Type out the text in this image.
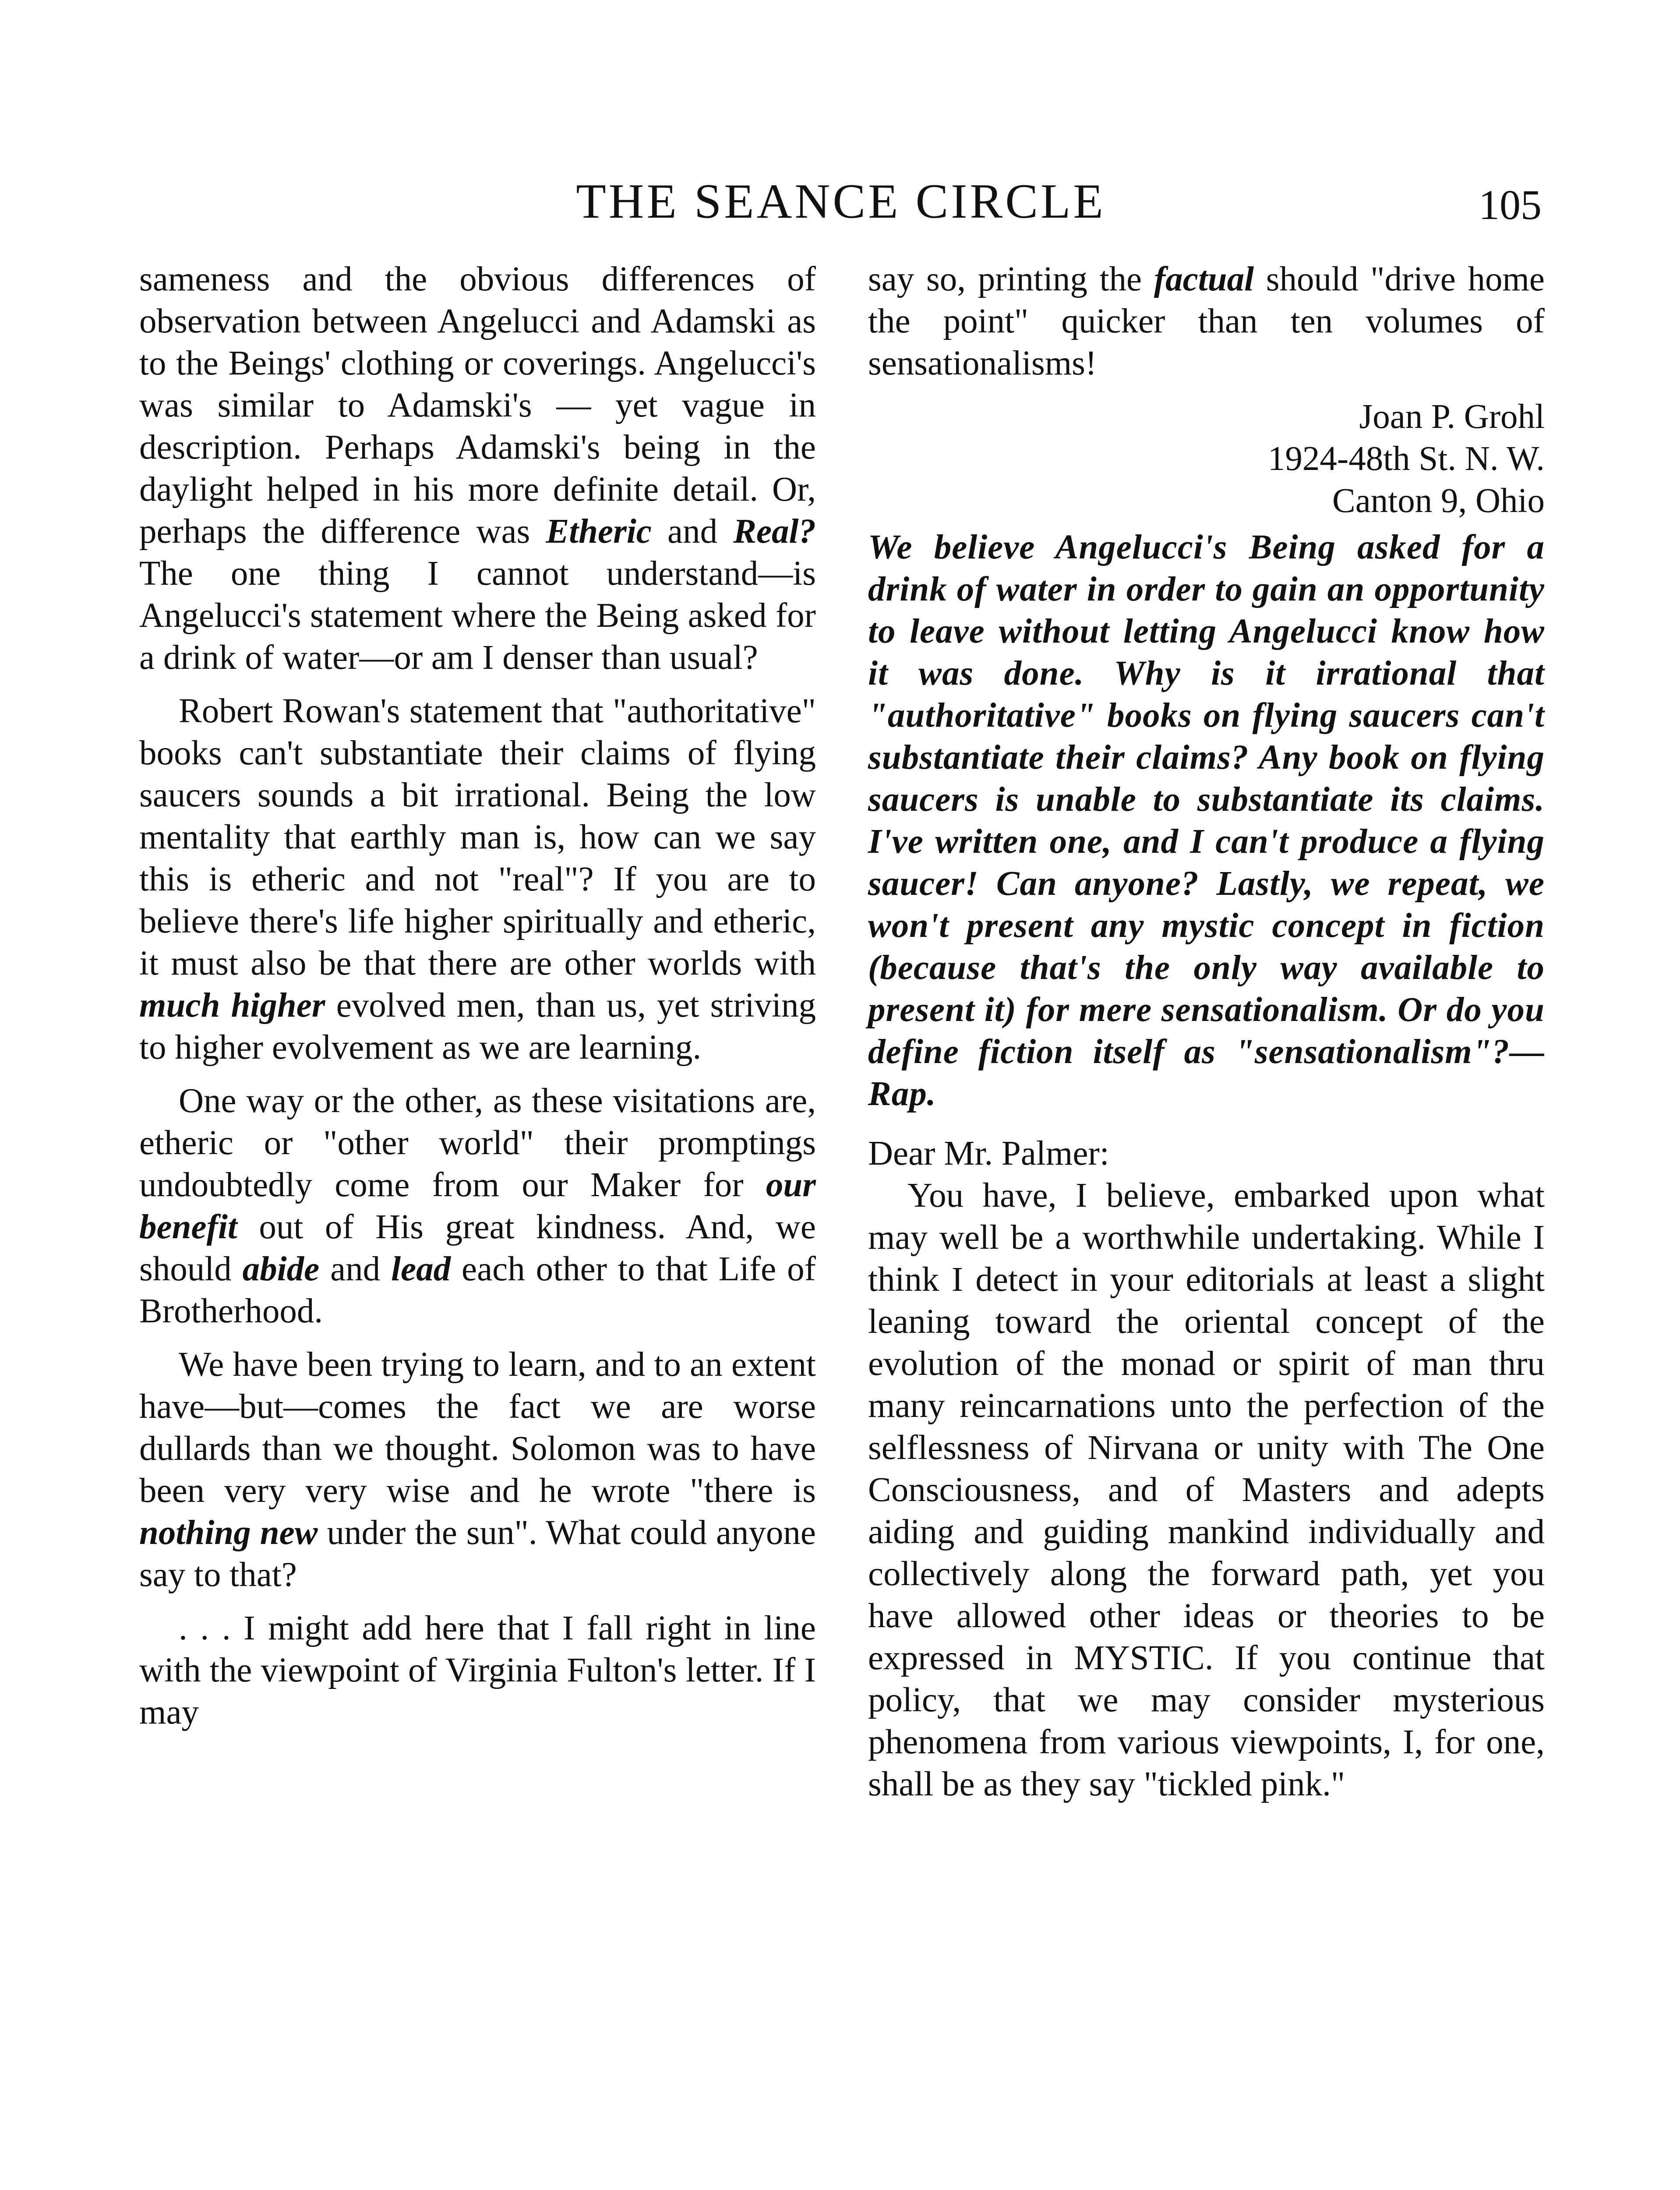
THE SEANCE CIRCLE	105

sameness and the obvious differences of observation between Angelucci and Adamski as to the Beings' clothing or coverings. Angelucci's was similar to Adamski's — yet vague in description. Perhaps Adamski's being in the daylight helped in his more definite detail. Or, perhaps the difference was Etheric and Real? The one thing I cannot understand—is Angelucci's statement where the Being asked for a drink of water—or am I denser than usual?

Robert Rowan's statement that "authoritative" books can't substantiate their claims of flying saucers sounds a bit irrational. Being the low mentality that earthly man is, how can we say this is etheric and not "real"? If you are to believe there's life higher spiritually and etheric, it must also be that there are other worlds with much higher evolved men, than us, yet striving to higher evolvement as we are learning.

One way or the other, as these visitations are, etheric or "other world" their promptings undoubtedly come from our Maker for our benefit out of His great kindness. And, we should abide and lead each other to that Life of Brotherhood.

We have been trying to learn, and to an extent have—but—comes the fact we are worse dullards than we thought. Solomon was to have been very very wise and he wrote "there is nothing new under the sun". What could anyone say to that?

. . . I might add here that I fall right in line with the viewpoint of Virginia Fulton's letter. If I may

say so, printing the factual should "drive home the point" quicker than ten volumes of sensationalisms!

Joan P. Grohl

1924-48th St. N. W.

Canton 9, Ohio

We believe Angelucci's Being asked for a drink of water in order to gain an opportunity to leave without letting Angelucci know how it was done. Why is it irrational that "authoritative" books on flying saucers can't substantiate their claims? Any book on flying saucers is unable to substantiate its claims. I've written one, and I can't produce a flying saucer! Can anyone? Lastly, we repeat, we won't present any mystic concept in fiction (because that's the only way available to present it) for mere sensationalism. Or do you define fiction itself as "sensationalism"?—Rap.

Dear Mr. Palmer:

You have, I believe, embarked upon what may well be a worthwhile undertaking. While I think I detect in your editorials at least a slight leaning toward the oriental concept of the evolution of the monad or spirit of man thru many reincarnations unto the perfection of the selflessness of Nirvana or unity with The One Consciousness, and of Masters and adepts aiding and guiding mankind individually and collectively along the forward path, yet you have allowed other ideas or theories to be expressed in MYSTIC. If you continue that policy, that we may consider mysterious phenomena from various viewpoints, I, for one, shall be as they say "tickled pink."
